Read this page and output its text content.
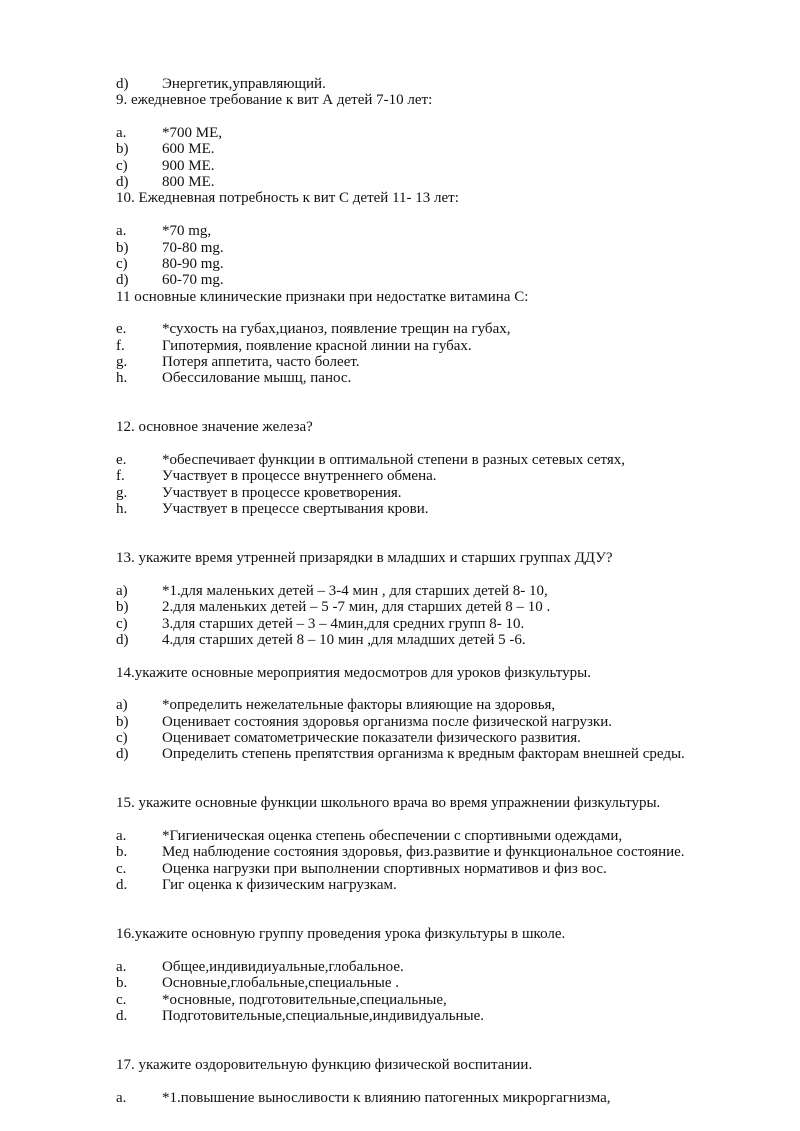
d)	Энергетик,управляющий.
9. ежедневное требование к вит А детей 7-10 лет:
a.	*700 ME,
b)	600 ME.
c)	900 ME.
d)	800 ME.
10. Ежедневная потребность к вит С детей 11- 13 лет:
a.	*70 mg,
b)	70-80 mg.
c)	80-90 mg.
d)	60-70 mg.
11 основные клинические признаки при недостатке витамина С:
e.	*сухость на губах,цианоз, появление трещин на губах,
f.	Гипотермия, появление красной линии на губах.
g.	Потеря аппетита, часто болеет.
h.	Обессилование мышц, панос.
12. основное значение железа?
e.	*обеспечивает функции в оптимальной степени в разных сетевых сетях,
f.	Участвует в процессе внутреннего обмена.
g.	Участвует в процессе кроветворения.
h.	Участвует в прецессе свертывания крови.
13. укажите время утренней призарядки в младших и старших группах ДДУ?
a)	*1.для маленьких детей – 3-4 мин , для старших детей 8- 10,
b)	2.для маленьких детей – 5 -7 мин, для старших детей 8 – 10 .
c)	3.для старших детей – 3 – 4мин,для средних групп 8- 10.
d)	4.для старших детей 8 – 10 мин ,для младших детей 5 -6.
14.укажите основные мероприятия медосмотров для уроков физкультуры.
a)	*определить нежелательные факторы влияющие на здоровья,
b)	Оценивает состояния здоровья организма после физической нагрузки.
c)	Оценивает соматометрические показатели физического развития.
d)	Определить степень препятствия организма к вредным факторам внешней среды.
15. укажите основные функции школьного врача во время упражнении физкультуры.
a.	*Гигиеническая оценка степень обеспечении с спортивными одеждами,
b.	Мед наблюдение состояния здоровья, физ.развитие и функциональное состояние.
c.	Оценка нагрузки при выполнении спортивных нормативов и физ вос.
d.	Гиг оценка к физическим нагрузкам.
16.укажите основную группу проведения урока физкультуры в школе.
a.	Общее,индивидиуальные,глобальное.
b.	Основные,глобальные,специальные .
c.	*основные, подготовительные,специальные,
d.	Подготовительные,специальные,индивидуальные.
17. укажите оздоровительную функцию физической воспитании.
a.	*1.повышение выносливости к влиянию патогенных микроргагнизма,
